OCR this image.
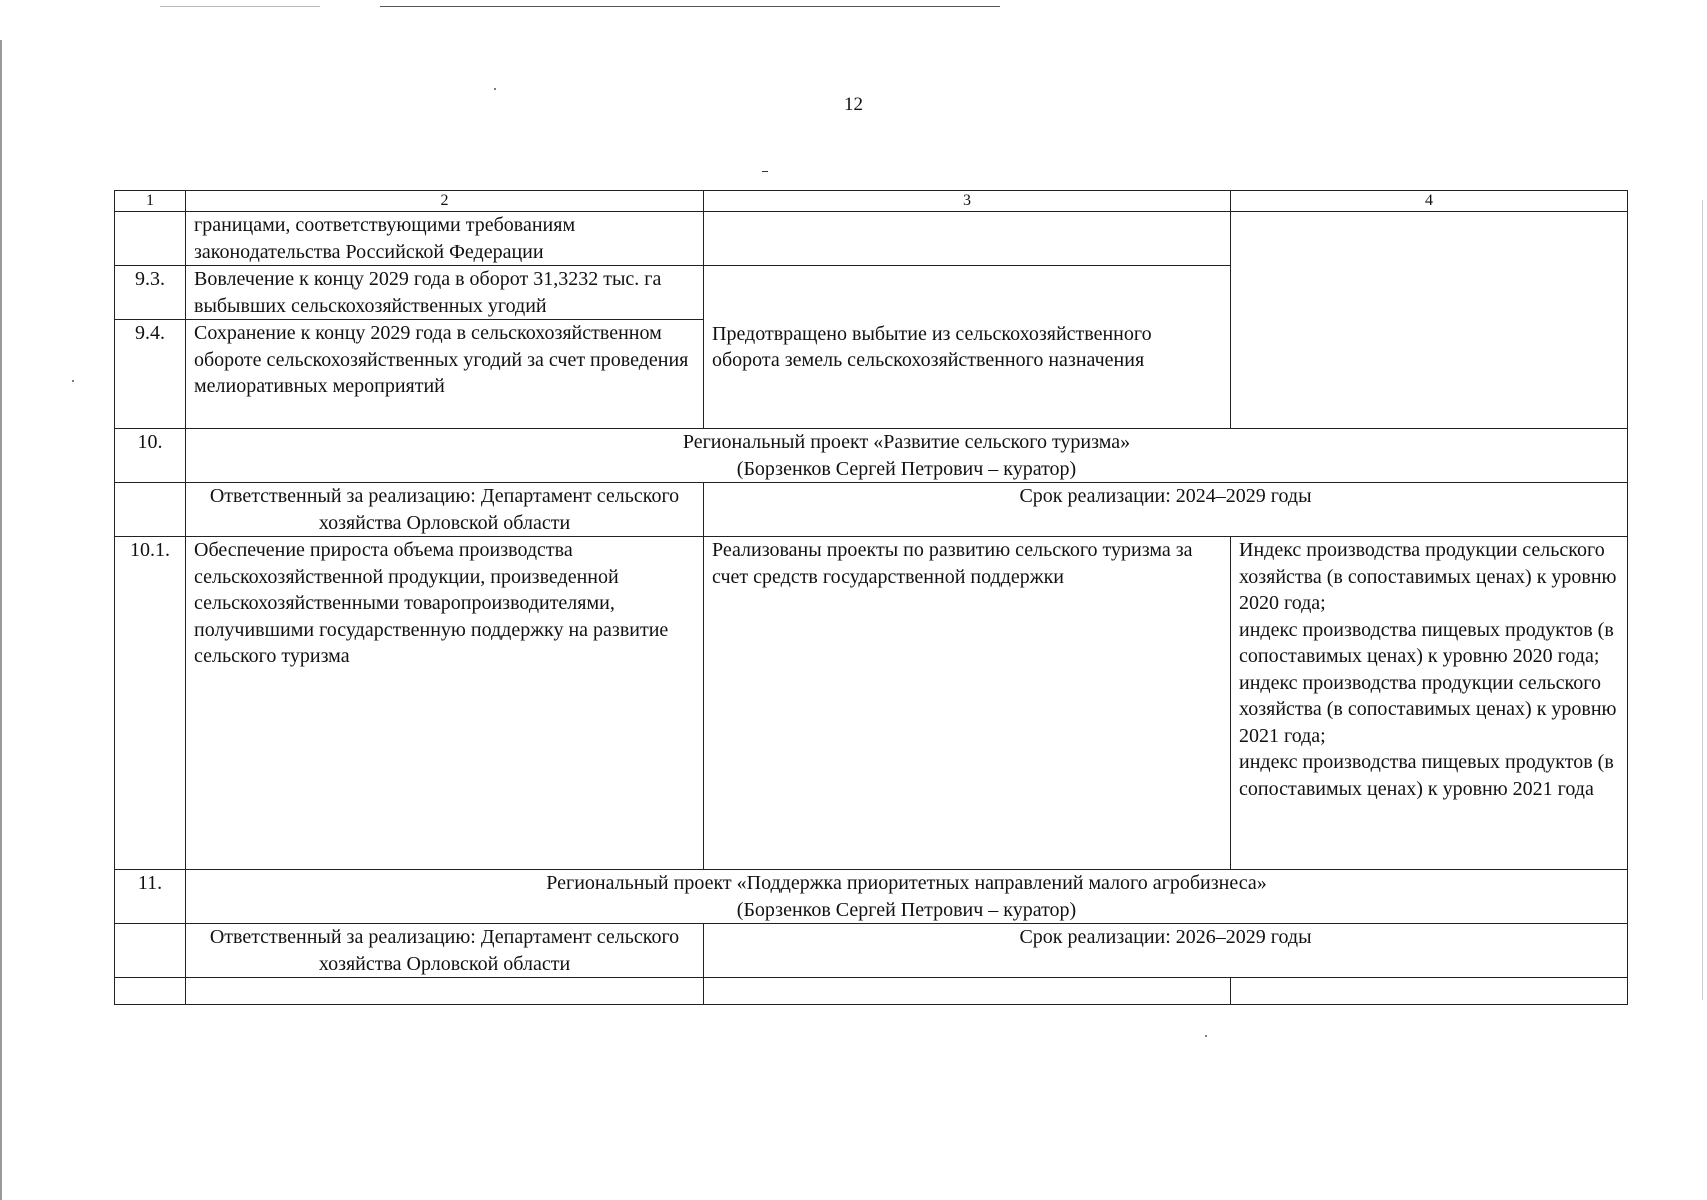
12
1	2	3	4
	границами, соответствующими требованиям законодательства Российской Федерации		
9.3.	Вовлечение к концу 2029 года в оборот 31,3232 тыс. га выбывших сельскохозяйственных угодий	Предотвращено выбытие из сельскохозяйственного оборота земель сельскохозяйственного назначения	
9.4.	Сохранение к концу 2029 года в сельскохозяйственном обороте сельскохозяйственных угодий за счет проведения мелиоративных мероприятий		
10.	Региональный проект «Развитие сельского туризма»
(Борзенков Сергей Петрович – куратор)		

	Ответственный за реализацию: Департамент сельского хозяйства Орловской области	Срок реализации: 2024–2029 годы	
10.1.	Обеспечение прироста объема производства сельскохозяйственной продукции, произведенной сельскохозяйственными товаропроизводителями, получившими государственную поддержку на развитие сельского туризма	Реализованы проекты по развитию сельского туризма за счет средств государственной поддержки	Индекс производства продукции сельского хозяйства (в сопоставимых ценах) к уровню 2020 года;
индекс производства пищевых продуктов (в сопоставимых ценах) к уровню 2020 года;
индекс производства продукции сельского хозяйства (в сопоставимых ценах) к уровню 2021 года;
индекс производства пищевых продуктов (в сопоставимых ценах) к уровню 2021 года

11.	Региональный проект «Поддержка приоритетных направлений малого агробизнеса»
(Борзенков Сергей Петрович – куратор)		

	Ответственный за реализацию: Департамент сельского хозяйства Орловской области	Срок реализации: 2026–2029 годы	
